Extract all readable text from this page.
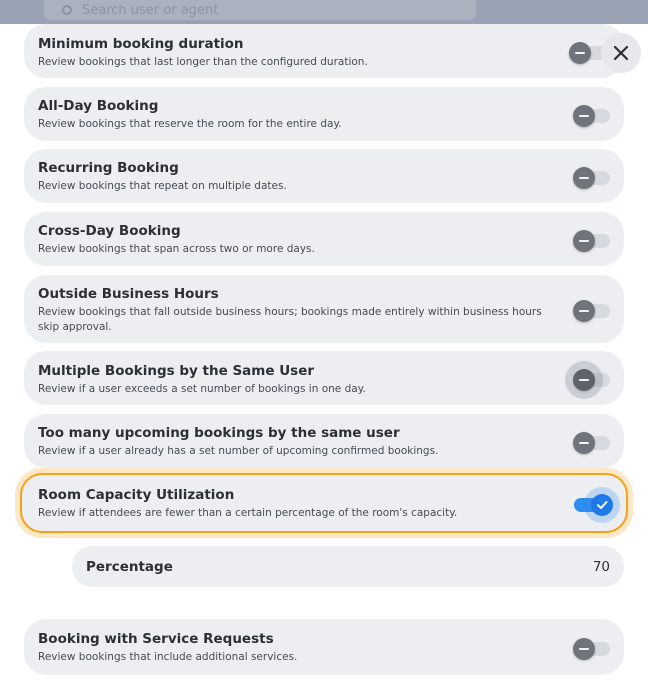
Search user or agent
Minimum booking duration
Review bookings that last longer than the configured duration.
All-Day Booking
Review bookings that reserve the room for the entire day.
Recurring Booking
Review bookings that repeat on multiple dates.
Cross-Day Booking
Review bookings that span across two or more days.
Outside Business Hours
Review bookings that fall outside business hours; bookings made entirely within business hours skip approval.
Multiple Bookings by the Same User
Review if a user exceeds a set number of bookings in one day.
Too many upcoming bookings by the same user
Review if a user already has a set number of upcoming confirmed bookings.
Room Capacity Utilization
Review if attendees are fewer than a certain percentage of the room's capacity.
Percentage	70
Booking with Service Requests
Review bookings that include additional services.
